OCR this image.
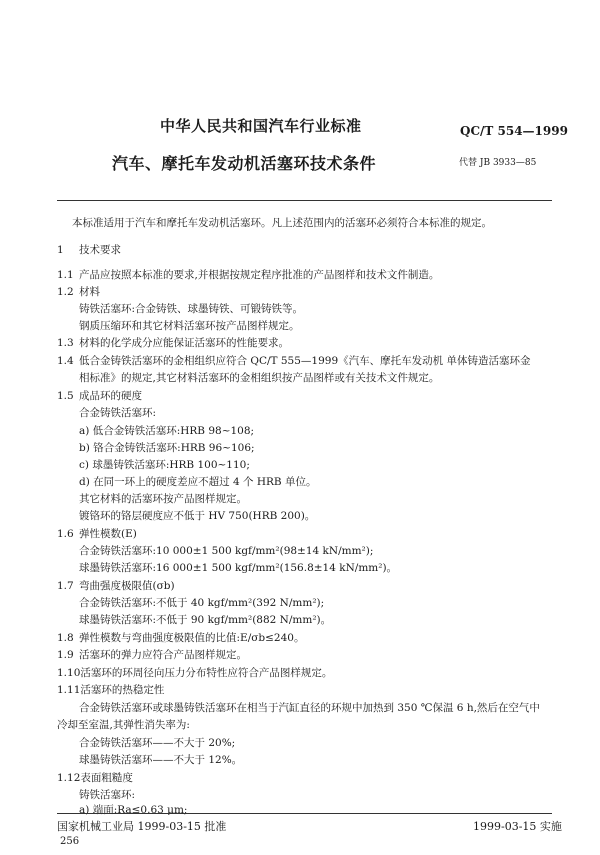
中华人民共和国汽车行业标准	QC/T 554—1999
汽车、摩托车发动机活塞环技术条件	代替 JB 3933—85
本标准适用于汽车和摩托车发动机活塞环。凡上述范围内的活塞环必须符合本标准的规定。
1 技术要求
1.1 产品应按照本标准的要求,并根据按规定程序批准的产品图样和技术文件制造。
1.2 材料
铸铁活塞环:合金铸铁、球墨铸铁、可锻铸铁等。
钢质压缩环和其它材料活塞环按产品图样规定。
1.3 材料的化学成分应能保证活塞环的性能要求。
1.4 低合金铸铁活塞环的金相组织应符合 QC/T 555—1999《汽车、摩托车发动机 单体铸造活塞环金
相标准》的规定,其它材料活塞环的金相组织按产品图样或有关技术文件规定。
1.5 成品环的硬度
合金铸铁活塞环:
a) 低合金铸铁活塞环:HRB 98~108;
b) 铬合金铸铁活塞环:HRB 96~106;
c) 球墨铸铁活塞环:HRB 100~110;
d) 在同一环上的硬度差应不超过 4 个 HRB 单位。
其它材料的活塞环按产品图样规定。
镀铬环的铬层硬度应不低于 HV 750(HRB 200)。
1.6 弹性模数(E)
合金铸铁活塞环:10 000±1 500 kgf/mm²(98±14 kN/mm²);
球墨铸铁活塞环:16 000±1 500 kgf/mm²(156.8±14 kN/mm²)。
1.7 弯曲强度极限值(σb)
合金铸铁活塞环:不低于 40 kgf/mm²(392 N/mm²);
球墨铸铁活塞环:不低于 90 kgf/mm²(882 N/mm²)。
1.8 弹性模数与弯曲强度极限值的比值:E/σb≤240。
1.9 活塞环的弹力应符合产品图样规定。
1.10活塞环的环周径向压力分布特性应符合产品图样规定。
1.11活塞环的热稳定性
合金铸铁活塞环或球墨铸铁活塞环在相当于汽缸直径的环规中加热到 350 ℃保温 6 h,然后在空气中
冷却至室温,其弹性消失率为:
合金铸铁活塞环——不大于 20%;
球墨铸铁活塞环——不大于 12%。
1.12表面粗糙度
铸铁活塞环:
a) 端面:Ra≤0.63 μm;
国家机械工业局 1999-03-15 批准	1999-03-15 实施
256
